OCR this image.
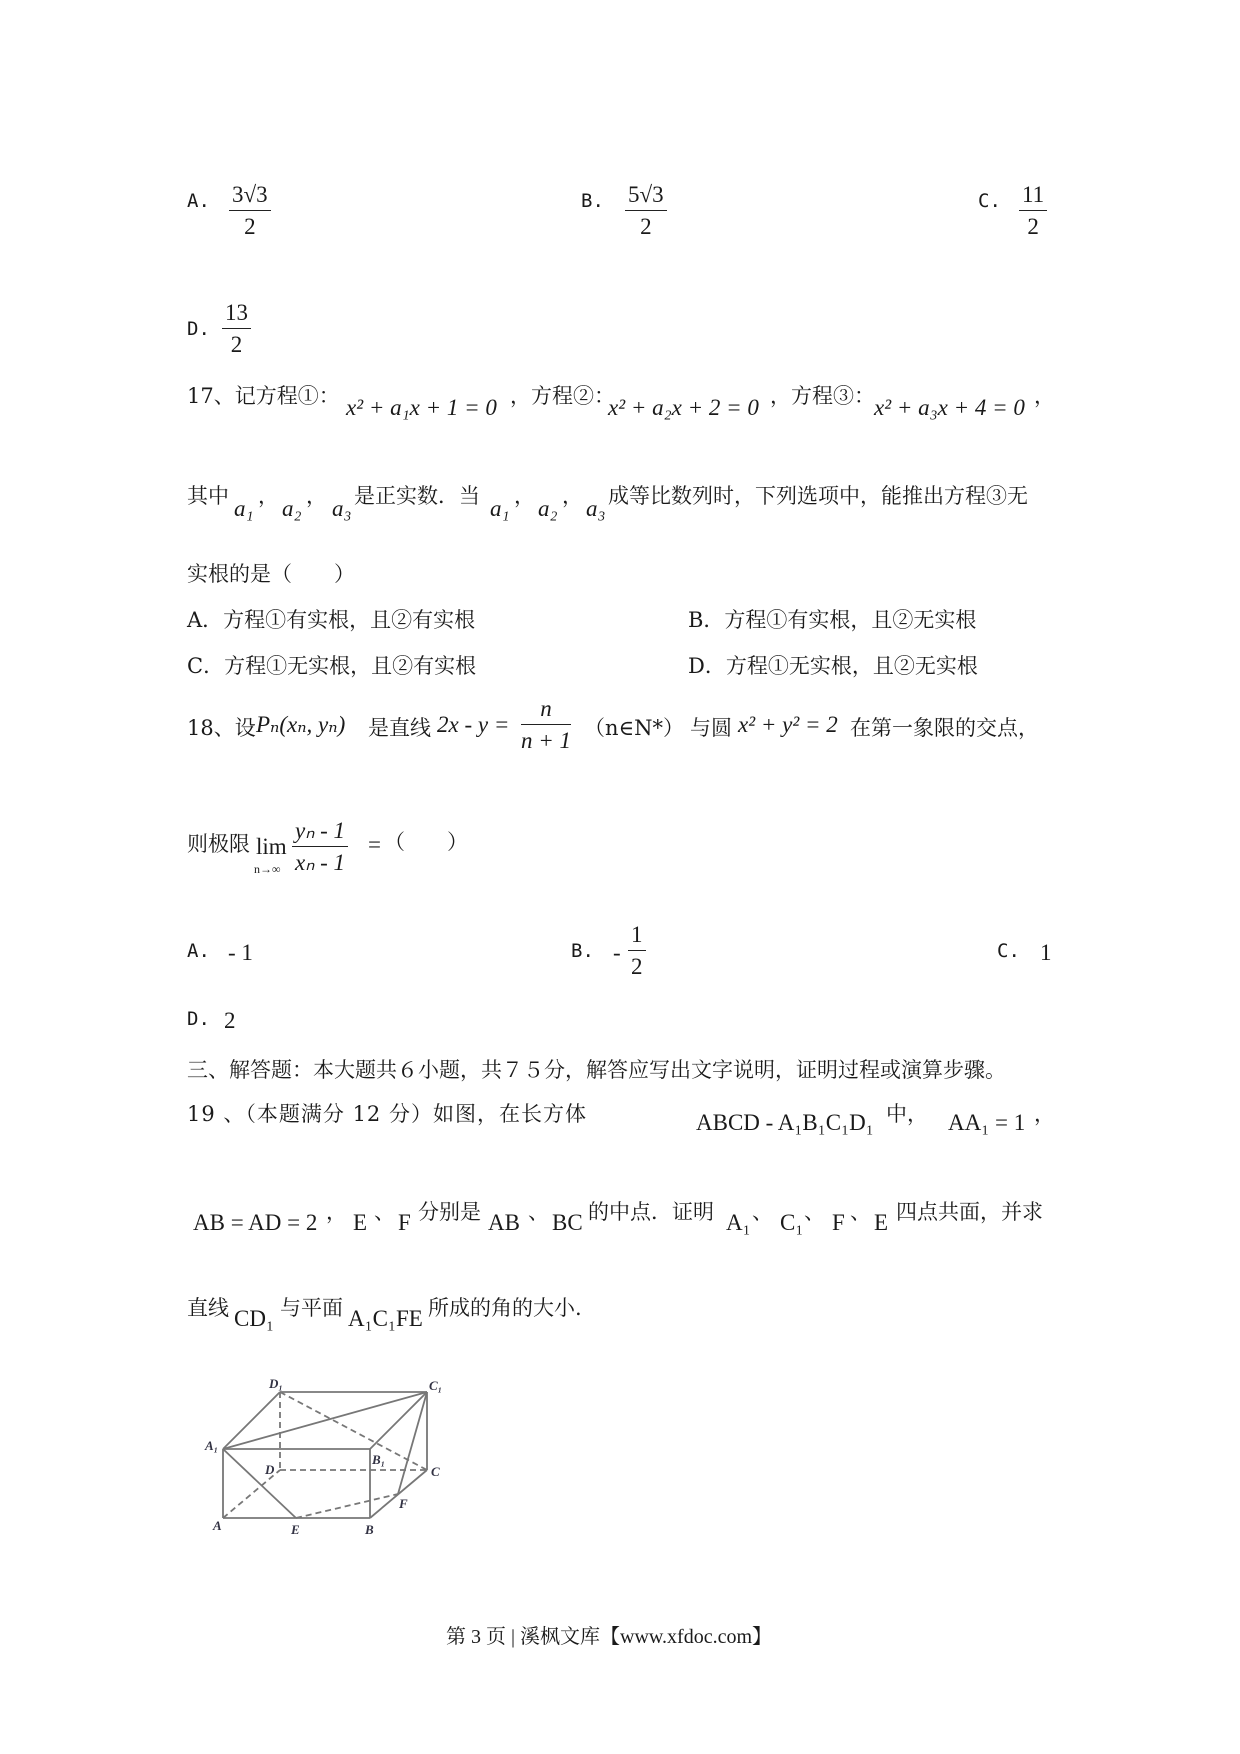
A. $\frac{3√3}{2}$	B. $\frac{5√3}{2}$	C. $\frac{11}{2}$
D. $\frac{13}{2}$
17、记方程①： x² + a₁x + 1 = 0 ，方程②：
x² + a₂x + 2 = 0 ，方程③： x² + a₃x + 4 = 0 ，
其中 a₁ ， a₂ ， a₃ 是正实数．当 a₁ ， a₂ ， a₃ 成等比数列时，下列选项中，能推出方程③无
实根的是（　　）
A．方程①有实根，且②有实根	B．方程①有实根，且②无实根
C．方程①无实根，且②有实根	D．方程①无实根，且②无实根
18、设 Pₙ(xₙ, yₙ) 是直线 $2x - y = \frac{n}{n + 1}$ （n∈N*） 与圆 x² + y² = 2 在第一象限的交点，
则极限 lim
$n\to\infty \frac{\text{yₙ - 1}}{\text{xₙ - 1}}$ = （　　）
A. - 1	B. - $\frac{1}{2}$	C. 1
D. 2
三、解答题：本大题共６小题，共７５分，解答应写出文字说明，证明过程或演算步骤。
19 、（本题满分 12 分）如图，在长方体	ABCD - A₁B₁C₁D₁ 中， AA₁ = 1 ，
AB = AD = 2 ， E 、 F 分别是 AB 、 BC 的中点．证明 A₁ 、 C₁ 、 F 、 E 四点共面，并求
直线 CD₁ 与平面 A₁C₁FE 所成的角的大小.
D₁	C₁
A₁
D
B₁
C
F
A	E	B
第 3 页 | 溪枫文库【www.xfdoc.com】
